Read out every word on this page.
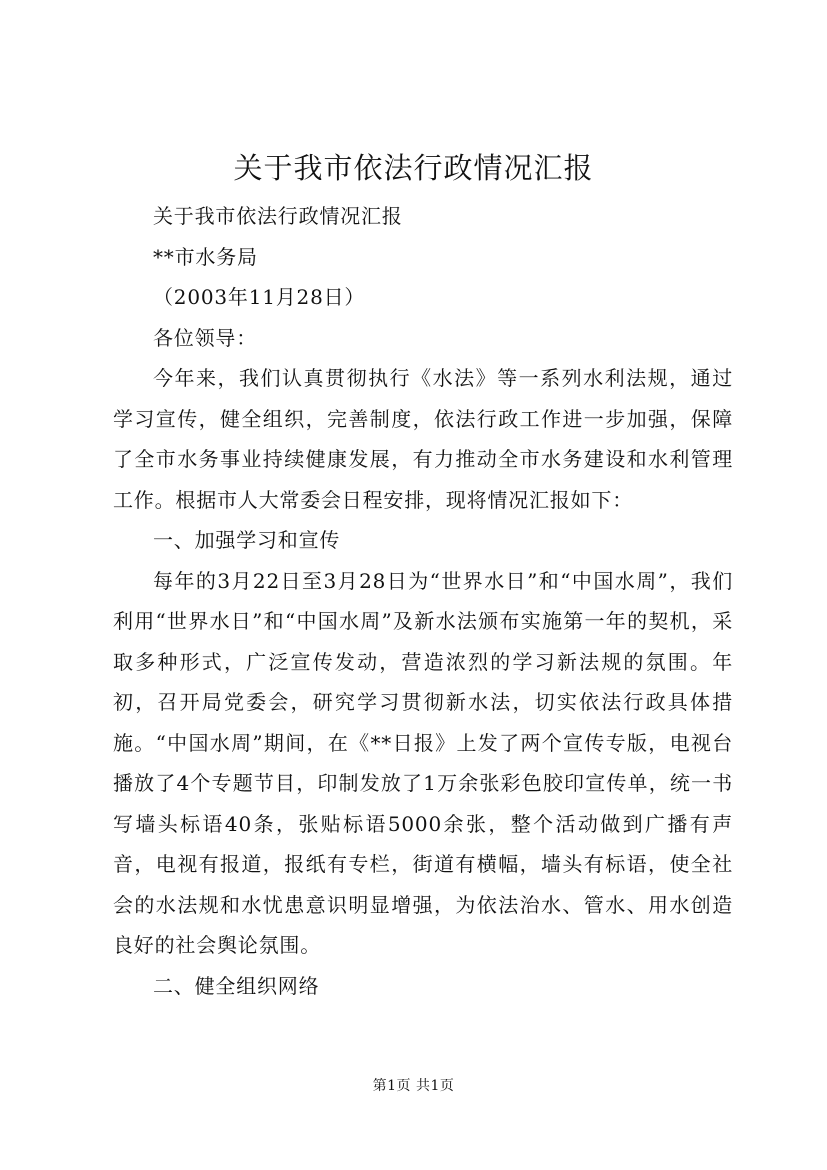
关于我市依法行政情况汇报

关于我市依法行政情况汇报

**市水务局

（2003年11月28日）

各位领导：

今年来，我们认真贯彻执行《水法》等一系列水利法规，通过学习宣传，健全组织，完善制度，依法行政工作进一步加强，保障了全市水务事业持续健康发展，有力推动全市水务建设和水利管理工作。根据市人大常委会日程安排，现将情况汇报如下：

一、加强学习和宣传

每年的3月22日至3月28日为“世界水日”和“中国水周”，我们利用“世界水日”和“中国水周”及新水法颁布实施第一年的契机，采取多种形式，广泛宣传发动，营造浓烈的学习新法规的氛围。年初，召开局党委会，研究学习贯彻新水法，切实依法行政具体措施。“中国水周”期间，在《**日报》上发了两个宣传专版，电视台播放了4个专题节目，印制发放了1万余张彩色胶印宣传单，统一书写墙头标语40条，张贴标语5000余张，整个活动做到广播有声音，电视有报道，报纸有专栏，街道有横幅，墙头有标语，使全社会的水法规和水忧患意识明显增强，为依法治水、管水、用水创造良好的社会舆论氛围。

二、健全组织网络

第1页 共1页
